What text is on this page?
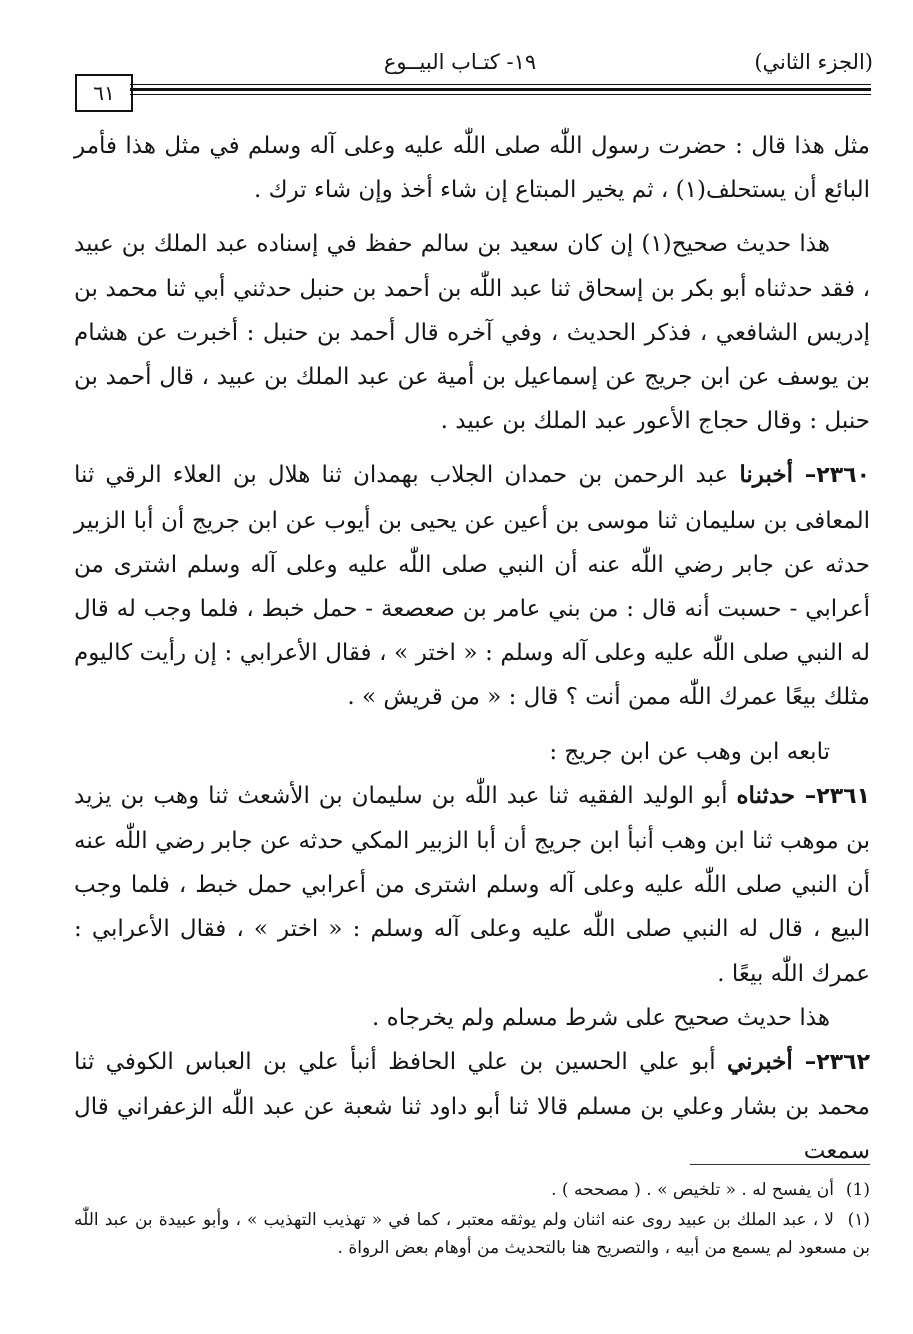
(الجزء الثاني)
١٩- كتـاب البيــوع
٦١

مثل هذا قال : حضرت رسول اللّٰه صلى اللّٰه عليه وعلى آله وسلم في مثل هذا فأمر البائع أن يستحلف(١) ، ثم يخير المبتاع إن شاء أخذ وإن شاء ترك .

هذا حديث صحيح(١) إن كان سعيد بن سالم حفظ في إسناده عبد الملك بن عبيد ، فقد حدثناه أبو بكر بن إسحاق ثنا عبد اللّٰه بن أحمد بن حنبل حدثني أبي ثنا محمد بن إدريس الشافعي ، فذكر الحديث ، وفي آخره قال أحمد بن حنبل : أخبرت عن هشام بن يوسف عن ابن جريج عن إسماعيل بن أمية عن عبد الملك بن عبيد ، قال أحمد بن حنبل : وقال حجاج الأعور عبد الملك بن عبيد .

٢٣٦٠– أخبرنا عبد الرحمن بن حمدان الجلاب بهمدان ثنا هلال بن العلاء الرقي ثنا المعافى بن سليمان ثنا موسى بن أعين عن يحيى بن أيوب عن ابن جريج أن أبا الزبير حدثه عن جابر رضي اللّٰه عنه أن النبي صلى اللّٰه عليه وعلى آله وسلم اشترى من أعرابي - حسبت أنه قال : من بني عامر بن صعصعة - حمل خبط ، فلما وجب له قال له النبي صلى اللّٰه عليه وعلى آله وسلم : « اختر » ، فقال الأعرابي : إن رأيت كاليوم مثلك بيعًا عمرك اللّٰه ممن أنت ؟ قال : « من قريش » .

تابعه ابن وهب عن ابن جريج :

٢٣٦١– حدثناه أبو الوليد الفقيه ثنا عبد اللّٰه بن سليمان بن الأشعث ثنا وهب بن يزيد بن موهب ثنا ابن وهب أنبأ ابن جريج أن أبا الزبير المكي حدثه عن جابر رضي اللّٰه عنه أن النبي صلى اللّٰه عليه وعلى آله وسلم اشترى من أعرابي حمل خبط ، فلما وجب البيع ، قال له النبي صلى اللّٰه عليه وعلى آله وسلم : « اختر » ، فقال الأعرابي : عمرك اللّٰه بيعًا .

هذا حديث صحيح على شرط مسلم ولم يخرجاه .

٢٣٦٢– أخبرني أبو علي الحسين بن علي الحافظ أنبأ علي بن العباس الكوفي ثنا محمد بن بشار وعلي بن مسلم قالا ثنا أبو داود ثنا شعبة عن عبد اللّٰه الزعفراني قال سمعت

(1)أن يفسح له . « تلخيص » . ( مصححه ) .

(١)لا ، عبد الملك بن عبيد روى عنه اثنان ولم يوثقه معتبر ، كما في « تهذيب التهذيب » ، وأبو عبيدة بن عبد اللّٰه بن مسعود لم يسمع من أبيه ، والتصريح هنا بالتحديث من أوهام بعض الرواة .
